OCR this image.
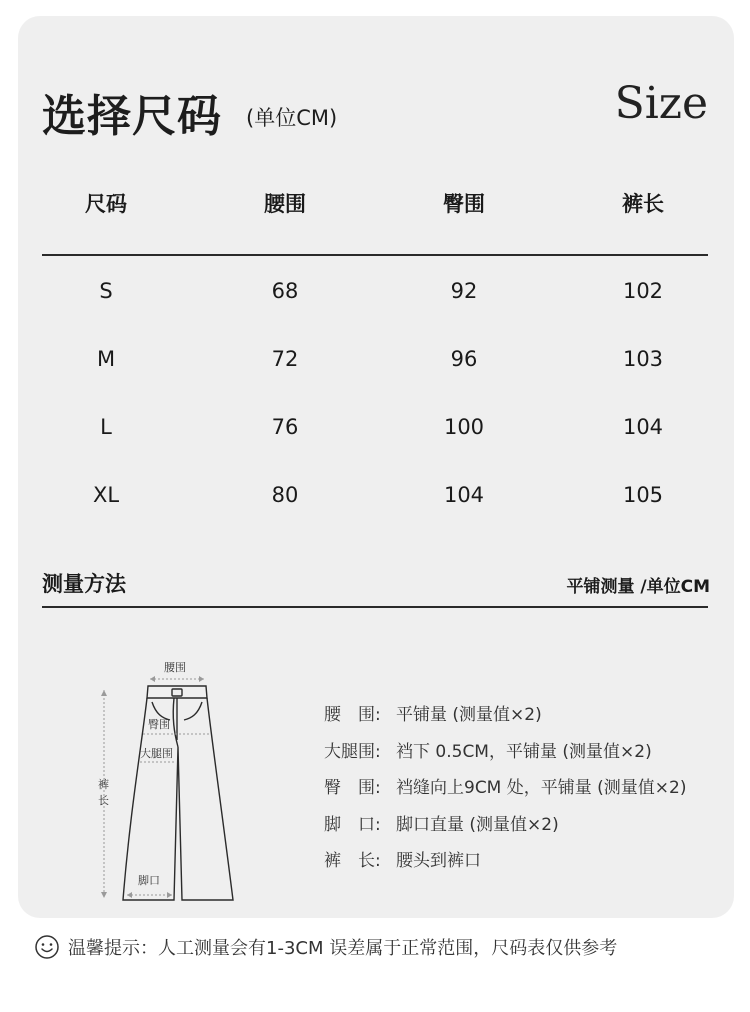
选择尺码 (单位CM)	Size
尺码	腰围	臀围	裤长
S	68	92	102
M	72	96	103
L	76	100	104
XL	80	104	105
测量方法	平铺测量 /单位CM
腰围
臀围
大腿围
裤
长
脚口
腰　围: 平铺量 (测量值×2)
大腿围: 裆下 0.5CM，平铺量 (测量值×2)
臀　围: 裆缝向上9CM 处，平铺量 (测量值×2)
脚　口: 脚口直量 (测量值×2)
裤　长: 腰头到裤口
温馨提示：人工测量会有1-3CM 误差属于正常范围，尺码表仅供参考
